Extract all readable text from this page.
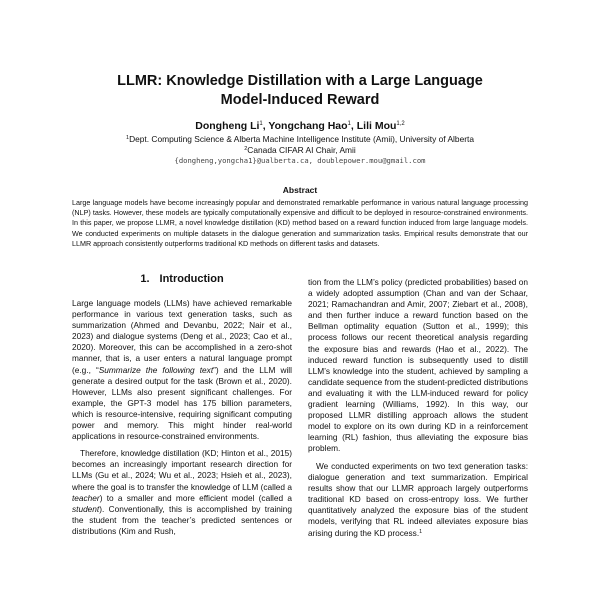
LLMR: Knowledge Distillation with a Large Language
Model-Induced Reward
Dongheng Li$^1$, Yongchang Hao$^1$, Lili Mou$^{1,2}$
$^1$Dept. Computing Science & Alberta Machine Intelligence Institute (Amii), University of Alberta
$^2$Canada CIFAR AI Chair, Amii
{dongheng,yongcha1}@ualberta.ca, doublepower.mou@gmail.com
Abstract
Large language models have become increasingly popular and demonstrated remarkable performance in various natural language processing (NLP) tasks. However, these models are typically computationally expensive and difficult to be deployed in resource-constrained environments. In this paper, we propose LLMR, a novel knowledge distillation (KD) method based on a reward function induced from large language models. We conducted experiments on multiple datasets in the dialogue generation and summarization tasks. Empirical results demonstrate that our LLMR approach consistently outperforms traditional KD methods on different tasks and datasets.
1. Introduction

Large language models (LLMs) have achieved remarkable performance in various text generation tasks, such as summarization (Ahmed and Devanbu, 2022; Nair et al., 2023) and dialogue systems (Deng et al., 2023; Cao et al., 2020). Moreover, this can be accomplished in a zero-shot manner, that is, a user enters a natural language prompt (e.g., “Summarize the following text”) and the LLM will generate a desired output for the task (Brown et al., 2020). However, LLMs also present significant challenges. For example, the GPT-3 model has 175 billion parameters, which is resource-intensive, requiring significant computing power and memory. This might hinder real-world applications in resource-constrained environments.

Therefore, knowledge distillation (KD; Hinton et al., 2015) becomes an increasingly important research direction for LLMs (Gu et al., 2024; Wu et al., 2023; Hsieh et al., 2023), where the goal is to transfer the knowledge of LLM (called a teacher) to a smaller and more efficient model (called a student). Conventionally, this is accomplished by training the student from the teacher’s predicted sentences or distributions (Kim and Rush,

tion from the LLM’s policy (predicted probabilities) based on a widely adopted assumption (Chan and van der Schaar, 2021; Ramachandran and Amir, 2007; Ziebart et al., 2008), and then further induce a reward function based on the Bellman optimality equation (Sutton et al., 1999); this process follows our recent theoretical analysis regarding the exposure bias and rewards (Hao et al., 2022). The induced reward function is subsequently used to distill LLM’s knowledge into the student, achieved by sampling a candidate sequence from the student-predicted distributions and evaluating it with the LLM-induced reward for policy gradient learning (Williams, 1992). In this way, our proposed LLMR distilling approach allows the student model to explore on its own during KD in a reinforcement learning (RL) fashion, thus alleviating the exposure bias problem.

We conducted experiments on two text generation tasks: dialogue generation and text summarization. Empirical results show that our LLMR approach largely outperforms traditional KD based on cross-entropy loss. We further quantitatively analyzed the exposure bias of the student models, verifying that RL indeed alleviates exposure bias arising during the KD process.$^1$
